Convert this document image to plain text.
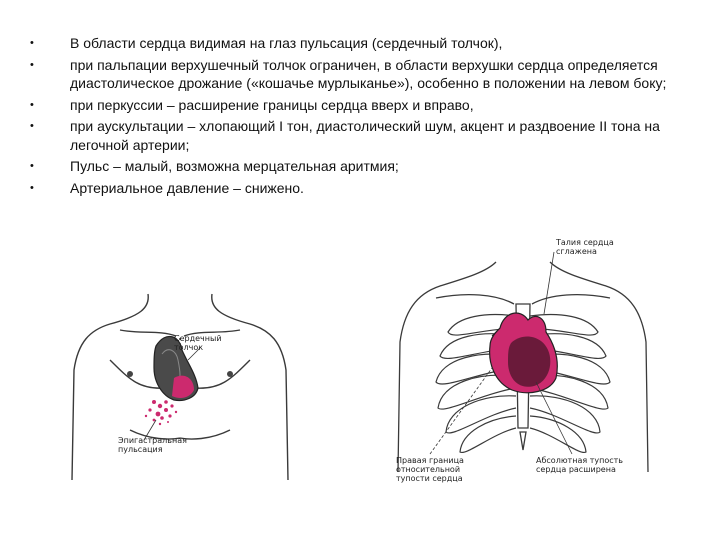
•	В области сердца видимая на глаз пульсация (сердечный толчок),
•	при пальпации верхушечный толчок ограничен, в области верхушки сердца определяется диастолическое дрожание («кошачье мурлыканье»), особенно в положении на левом боку;
•	при перкуссии – расширение границы сердца вверх и вправо,
•	при аускультации – хлопающий I тон, диастолический шум, акцент и раздвоение II тона на легочной артерии;
•	Пульс – малый, возможна мерцательная аритмия;
•	Артериальное давление – снижено.
Сердечный
толчок
Эпигастральная
пульсация
Талия сердца
сглажена
Правая граница
относительной
тупости сердца
Абсолютная тупость
сердца расширена
